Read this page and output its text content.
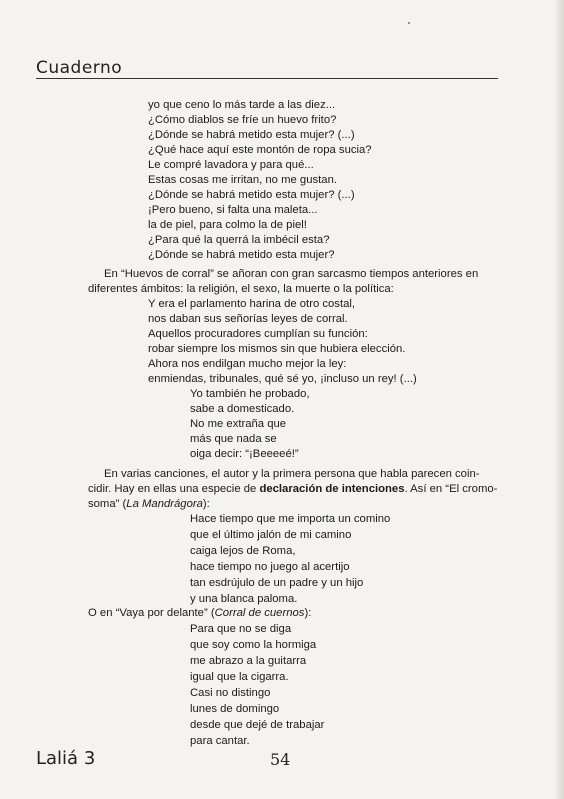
Cuaderno
yo que ceno lo más tarde a las diez...
¿Cómo diablos se fríe un huevo frito?
¿Dónde se habrá metido esta mujer? (...)
¿Qué hace aquí este montón de ropa sucia?
Le compré lavadora y para qué...
Estas cosas me irritan, no me gustan.
¿Dónde se habrá metido esta mujer? (...)
¡Pero bueno, si falta una maleta...
la de piel, para colmo la de piel!
¿Para qué la querrá la imbécil esta?
¿Dónde se habrá metido esta mujer?
En “Huevos de corral” se añoran con gran sarcasmo tiempos anteriores en
diferentes ámbitos: la religión, el sexo, la muerte o la política:
Y era el parlamento harina de otro costal,
nos daban sus señorías leyes de corral.
Aquellos procuradores cumplían su función:
robar siempre los mismos sin que hubiera elección.
Ahora nos endilgan mucho mejor la ley:
enmiendas, tribunales, qué sé yo, ¡incluso un rey! (...)
Yo también he probado,
sabe a domesticado.
No me extraña que
más que nada se
oiga decir: “¡Beeeeé!”
En varias canciones, el autor y la primera persona que habla parecen coin-
cidir. Hay en ellas una especie de declaración de intenciones. Así en “El cromo-
soma” (La Mandrágora):
Hace tiempo que me importa un comino
que el último jalón de mi camino
caiga lejos de Roma,
hace tiempo no juego al acertijo
tan esdrújulo de un padre y un hijo
y una blanca paloma.
O en “Vaya por delante” (Corral de cuernos):
Para que no se diga
que soy como la hormiga
me abrazo a la guitarra
igual que la cigarra.
Casi no distingo
lunes de domingo
desde que dejé de trabajar
para cantar.
Laliá 3	54
